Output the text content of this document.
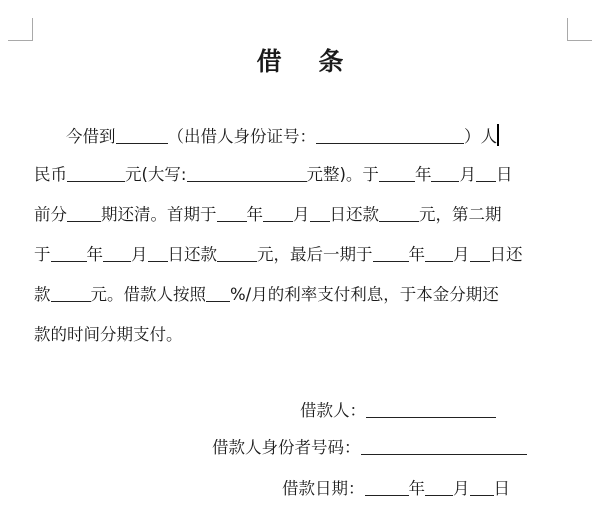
借 条
今借到	（出借人身份证号：	）人
民币	元(大写:	元整)。于 年 月 日
前分 期还清。首期于 年 月 日还款 元，第二期
于 年 月 日还款 元，最后一期于 年 月 日还
款 元。借款人按照 %/月的利率支付利息，于本金分期还
款的时间分期支付。
借款人：
借款人身份者号码：
借款日期：	年 月 日
